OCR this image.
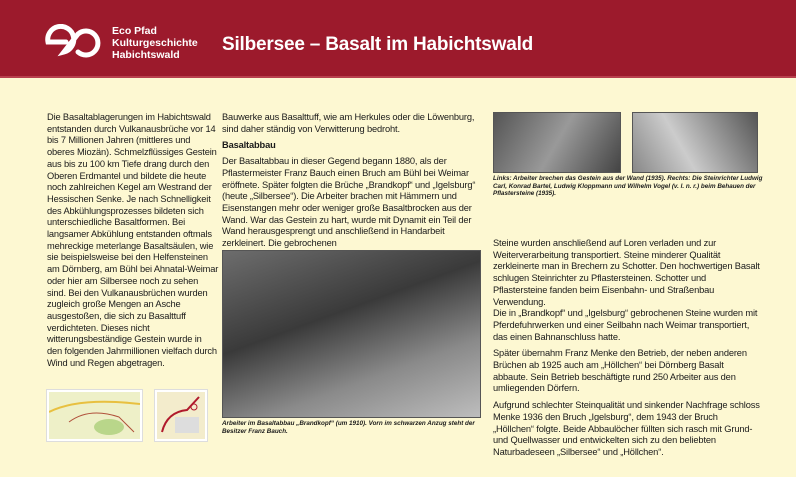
Eco Pfad
Kulturgeschichte
Habichtswald	Silbersee – Basalt im Habichtswald

Die Basaltablagerungen im Habichtswald entstanden durch Vulkanausbrüche vor 14 bis 7 Millionen Jahren (mittleres und oberes Miozän). Schmelzflüssiges Gestein aus bis zu 100 km Tiefe drang durch den Oberen Erdmantel und bildete die heute noch zahlreichen Kegel am Westrand der Hessischen Senke. Je nach Schnelligkeit des Abkühlungsprozesses bildeten sich unterschiedliche Basaltformen. Bei langsamer Abkühlung entstanden oftmals mehreckige meterlange Basaltsäulen, wie sie beispielsweise bei den Helfensteinen am Dörnberg, am Bühl bei Ahnatal-Weimar oder hier am Silbersee noch zu sehen sind. Bei den Vulkanausbrüchen wurden zugleich große Mengen an Asche ausgestoßen, die sich zu Basalttuff verdichteten. Dieses nicht witterungsbeständige Gestein wurde in den folgenden Jahrmillionen vielfach durch Wind und Regen abgetragen.

Bauwerke aus Basalttuff, wie am Herkules oder die Löwenburg, sind daher ständig von Verwitterung bedroht.

Basaltabbau

Der Basaltabbau in dieser Gegend begann 1880, als der Pflastermeister Franz Bauch einen Bruch am Bühl bei Weimar eröffnete. Später folgten die Brüche „Brandkopf“ und „Igelsburg“ (heute „Silbersee“). Die Arbeiter brachen mit Hämmern und Eisenstangen mehr oder weniger große Basaltbrocken aus der Wand. War das Gestein zu hart, wurde mit Dynamit ein Teil der Wand herausgesprengt und anschließend in Handarbeit zerkleinert. Die gebrochenen

Arbeiter im Basaltabbau „Brandkopf“ (um 1910). Vorn im schwarzen Anzug steht der Besitzer Franz Bauch.
Links: Arbeiter brechen das Gestein aus der Wand (1935). Rechts: Die Steinrichter Ludwig Carl, Konrad Bartel, Ludwig Kloppmann und Wilhelm Vogel (v. l. n. r.) beim Behauen der Pflastersteine (1935).

Steine wurden anschließend auf Loren verladen und zur Weiterverarbeitung transportiert. Steine minderer Qualität zerkleinerte man in Brechern zu Schotter. Den hochwertigen Basalt schlugen Steinrichter zu Pflastersteinen. Schotter und Pflastersteine fanden beim Eisenbahn- und Straßenbau Verwendung.

Die in „Brandkopf“ und „Igelsburg“ gebrochenen Steine wurden mit Pferdefuhrwerken und einer Seilbahn nach Weimar transportiert, das einen Bahnanschluss hatte.

Später übernahm Franz Menke den Betrieb, der neben anderen Brüchen ab 1925 auch am „Höllchen“ bei Dörnberg Basalt abbaute. Sein Betrieb beschäftigte rund 250 Arbeiter aus den umliegenden Dörfern.

Aufgrund schlechter Steinqualität und sinkender Nachfrage schloss Menke 1936 den Bruch „Igelsburg“, dem 1943 der Bruch „Höllchen“ folgte. Beide Abbaulöcher füllten sich rasch mit Grund- und Quellwasser und entwickelten sich zu den beliebten Naturbadeseen „Silbersee“ und „Höllchen“.
